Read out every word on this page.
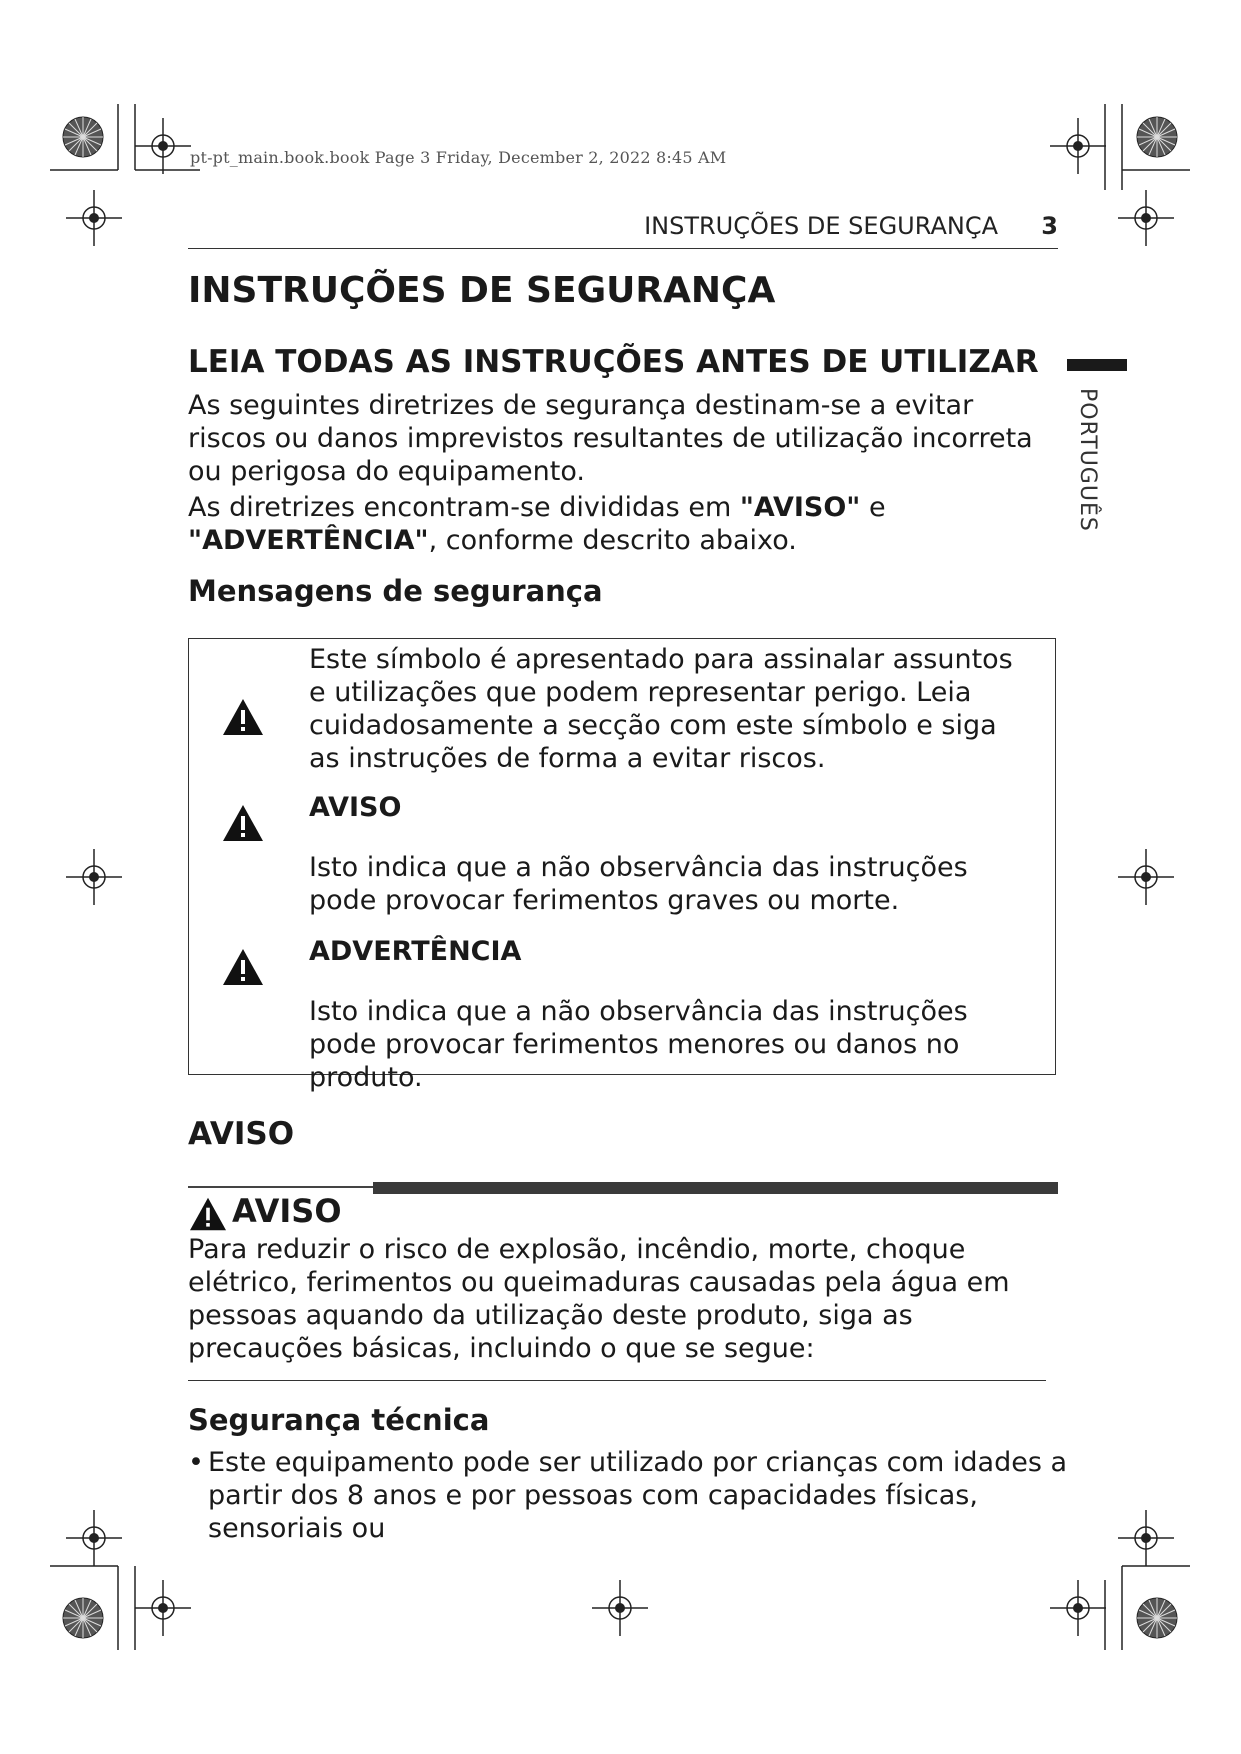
pt-pt_main.book.book Page 3 Friday, December 2, 2022 8:45 AM
INSTRUÇÕES DE SEGURANÇA 3
PORTUGUÊS
INSTRUÇÕES DE SEGURANÇA
LEIA TODAS AS INSTRUÇÕES ANTES DE UTILIZAR

As seguintes diretrizes de segurança destinam-se a evitar riscos ou danos imprevistos resultantes de utilização incorreta ou perigosa do equipamento.

As diretrizes encontram-se divididas em "AVISO" e "ADVERTÊNCIA", conforme descrito abaixo.

Mensagens de segurança

Este símbolo é apresentado para assinalar assuntos e utilizações que podem representar perigo. Leia cuidadosamente a secção com este símbolo e siga as instruções de forma a evitar riscos.

AVISO

Isto indica que a não observância das instruções pode provocar ferimentos graves ou morte.

ADVERTÊNCIA

Isto indica que a não observância das instruções pode provocar ferimentos menores ou danos no produto.

AVISO

AVISO

Para reduzir o risco de explosão, incêndio, morte, choque elétrico, ferimentos ou queimaduras causadas pela água em pessoas aquando da utilização deste produto, siga as precauções básicas, incluindo o que se segue:

Segurança técnica
• Este equipamento pode ser utilizado por crianças com idades a partir dos 8 anos e por pessoas com capacidades físicas, sensoriais ou
